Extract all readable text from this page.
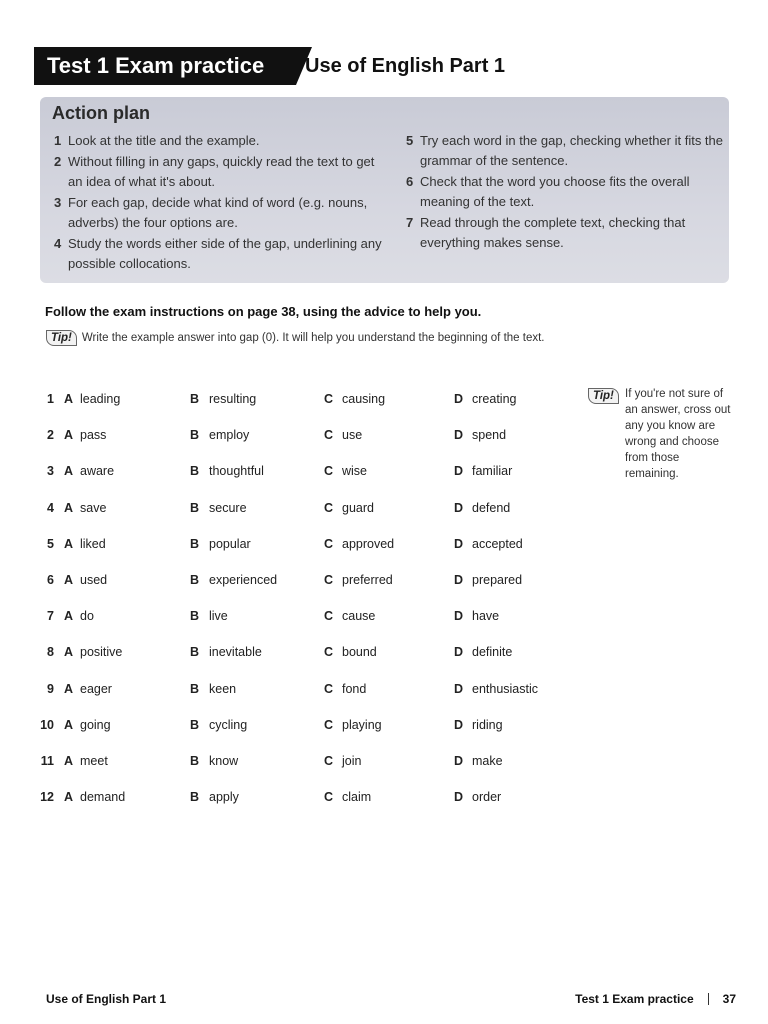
Test 1 Exam practice	Use of English Part 1
Action plan
1 Look at the title and the example.
2 Without filling in any gaps, quickly read the text to get an idea of what it's about.
3 For each gap, decide what kind of word (e.g. nouns, adverbs) the four options are.
4 Study the words either side of the gap, underlining any possible collocations.
5 Try each word in the gap, checking whether it fits the grammar of the sentence.
6 Check that the word you choose fits the overall meaning of the text.
7 Read through the complete text, checking that everything makes sense.
Follow the exam instructions on page 38, using the advice to help you.
Tip! Write the example answer into gap (0). It will help you understand the beginning of the text.
1 A leading	B resulting	C causing	D creating
2 A pass	B employ	C use	D spend
3 A aware	B thoughtful	C wise	D familiar
4 A save	B secure	C guard	D defend
5 A liked	B popular	C approved	D accepted
6 A used	B experienced	C preferred	D prepared
7 A do	B live	C cause	D have
8 A positive	B inevitable	C bound	D definite
9 A eager	B keen	C fond	D enthusiastic
10 A going	B cycling	C playing	D riding
11 A meet	B know	C join	D make
12 A demand	B apply	C claim	D order
Tip! If you're not sure of an answer, cross out any you know are wrong and choose from those remaining.
Use of English Part 1	Test 1 Exam practice 37
